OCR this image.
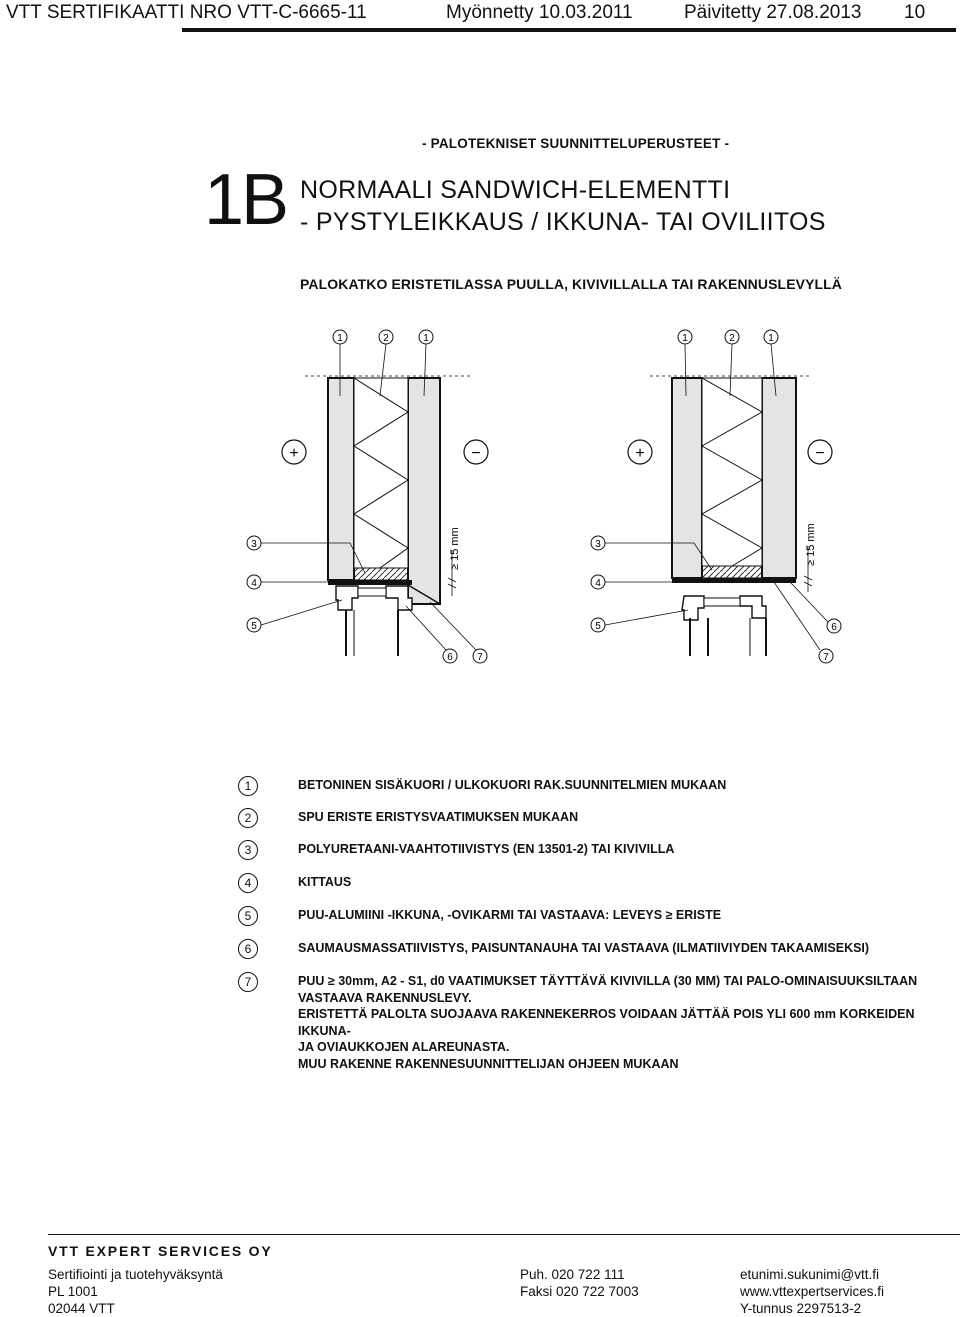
VTT SERTIFIKAATTI NRO VTT-C-6665-11	Myönnetty 10.03.2011	Päivitetty 27.08.2013 10
- PALOTEKNISET SUUNNITTELUPERUSTEET -
1B NORMAALI SANDWICH-ELEMENTTI
- PYSTYLEIKKAUS / IKKUNA- TAI OVILIITOS
PALOKATKO ERISTETILASSA PUULLA, KIVIVILLALLA TAI RAKENNUSLEVYLLÄ
≥ 15 mm
+	−
1	2	1
3
4
5
6 7
≥ 15 mm
+	−
1	2	1
3
4
5	6
7
1	BETONINEN SISÄKUORI / ULKOKUORI RAK.SUUNNITELMIEN MUKAAN
2	SPU ERISTE ERISTYSVAATIMUKSEN MUKAAN
3	POLYURETAANI-VAAHTOTIIVISTYS (EN 13501-2) TAI KIVIVILLA
4	KITTAUS
5	PUU-ALUMIINI -IKKUNA, -OVIKARMI TAI VASTAAVA: LEVEYS ≥ ERISTE
6	SAUMAUSMASSATIIVISTYS, PAISUNTANAUHA TAI VASTAAVA (ILMATIIVIYDEN TAKAAMISEKSI)
7	PUU ≥ 30mm, A2 - S1, d0 VAATIMUKSET TÄYTTÄVÄ KIVIVILLA (30 MM) TAI PALO-OMINAISUUKSILTAAN
VASTAAVA RAKENNUSLEVY.
ERISTETTÄ PALOLTA SUOJAAVA RAKENNEKERROS VOIDAAN JÄTTÄÄ POIS YLI 600 mm KORKEIDEN IKKUNA-
JA OVIAUKKOJEN ALAREUNASTA.
MUU RAKENNE RAKENNESUUNNITTELIJAN OHJEEN MUKAAN
VTT EXPERT SERVICES OY
Sertifiointi ja tuotehyväksyntä
PL 1001
02044 VTT
Puh. 020 722 111
Faksi 020 722 7003
etunimi.sukunimi@vtt.fi
www.vttexpertservices.fi
Y-tunnus 2297513-2
